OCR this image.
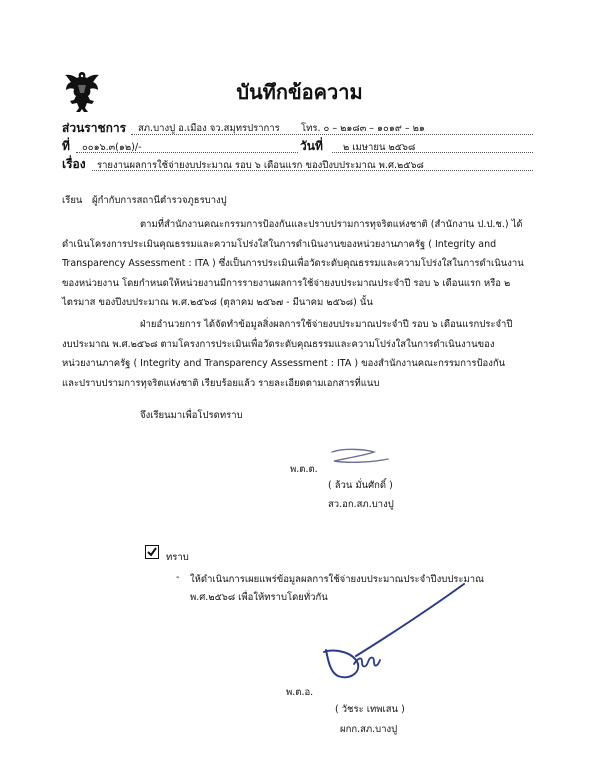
บันทึกข้อความ
ส่วนราชการ สภ.บางปู อ.เมือง จว.สมุทรปราการ โทร. ๐ – ๒๑๘๓ – ๑๐๑๙ – ๒๑
ที่ ๐๐๑๖.๓(๑๒)/-	วันที่ ๒ เมษายน ๒๕๖๘
เรื่อง รายงานผลการใช้จ่ายงบประมาณ รอบ ๖ เดือนแรก ของปีงบประมาณ พ.ศ.๒๕๖๘
เรียน ผู้กำกับการสถานีตำรวจภูธรบางปู
ตามที่สำนักงานคณะกรรมการป้องกันและปราบปรามการทุจริตแห่งชาติ (สำนักงาน ป.ป.ช.) ได้
ดำเนินโครงการประเมินคุณธรรมและความโปร่งใสในการดำเนินงานของหน่วยงานภาครัฐ ( Integrity and
Transparency Assessment : ITA ) ซึ่งเป็นการประเมินเพื่อวัดระดับคุณธรรมและความโปร่งใสในการดำเนินงาน
ของหน่วยงาน โดยกำหนดให้หน่วยงานมีการรายงานผลการใช้จ่ายงบประมาณประจำปี รอบ ๖ เดือนแรก หรือ ๒
ไตรมาส ของปีงบประมาณ พ.ศ.๒๕๖๘ (ตุลาคม ๒๕๖๗ - มีนาคม ๒๕๖๘) นั้น
ฝ่ายอำนวยการ ได้จัดทำข้อมูลสิ่งผลการใช้จ่ายงบประมาณประจำปี รอบ ๖ เดือนแรกประจำปี
งบประมาณ พ.ศ.๒๕๖๘ ตามโครงการประเมินเพื่อวัดระดับคุณธรรมและความโปร่งใสในการดำเนินงานของ
หน่วยงานภาครัฐ ( Integrity and Transparency Assessment : ITA ) ของสำนักงานคณะกรรมการป้องกัน
และปราบปรามการทุจริตแห่งชาติ เรียบร้อยแล้ว รายละเอียดตามเอกสารที่แนบ
จึงเรียนมาเพื่อโปรดทราบ
พ.ต.ต.
( ล้วน มั่นศักดิ์ )
สว.อก.สภ.บางปู
ทราบ
- ให้ดำเนินการเผยแพร่ข้อมูลผลการใช้จ่ายงบประมาณประจำปีงบประมาณ
พ.ศ.๒๕๖๘ เพื่อให้ทราบโดยทั่วกัน
พ.ต.อ.
( วัชระ เทพเสน )
ผกก.สภ.บางปู
